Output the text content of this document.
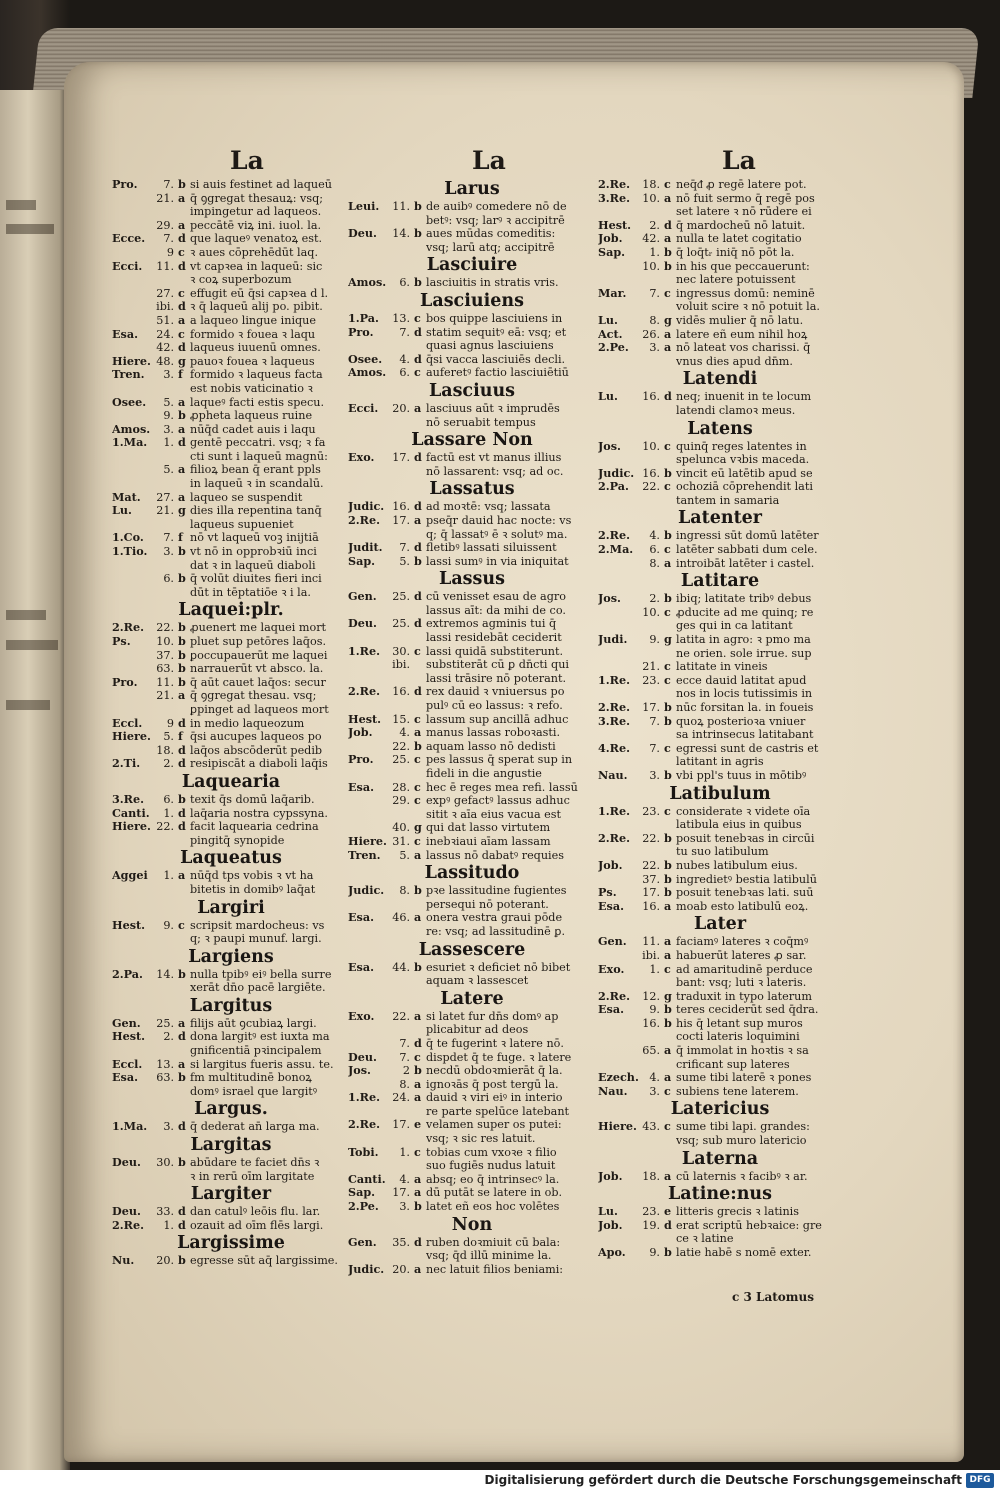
La	La	La
Pro.	7. b si auis festinet ad laqueū
21. a q̄ ꝯgregat thesauꝝ: vsq;
impingetur ad laqueos.
29. a peccātē viꝝ ini. iuol. la.
Ecce.	7. d que laqueꝰ venatoꝝ est.
9 c ꝛ aues cōprehēdūt laq.
Ecci.	11. d vt capꝛea in laqueū: sic
ꝛ coꝝ superbozum
27. c effugit eū q̄si capꝛea d l.
ibi. d ꝛ q̄ laqueū alij po. pibit.
51. a a laqueo lingue inique
Esa.	24. c formido ꝛ fouea ꝛ laqu
42. d laqueus iuuenū omnes.
Hiere. 48. g pauoꝛ fouea ꝛ laqueus
Tren.	3. f formido ꝛ laqueus facta
est nobis vaticinatio ꝛ
Osee.	5. a laqueꝰ facti estis specu.
9. b ꝓpheta laqueus ruine
Amos.	3. a nūq̄d cadet auis i laqu
1.Ma.	1. d gentē peccatri. vsq; ꝛ fa
cti sunt i laqueū magnū:
5. a filioꝝ bean q̄ erant ppls
in laqueū ꝛ in scandalū.
Mat.	27. a laqueo se suspendit
Lu.	21. g dies illa repentina tanq̄
laqueus supueniet
1.Co.	7. f nō vt laqueū voꝫ inijtiā
1.Tio.	3. b vt nō in opprobꝛiū inci
dat ꝛ in laqueū diaboli
6. b q̄ volūt diuites fieri inci
dūt in tēptatiōe ꝛ i la.
Laquei:plr.
2.Re.	22. b ꝓuenert me laquei mort
Ps.	10. b pluet sup petōres laq̄os.
37. b ꝑoccupauerūt me laquei
63. b narrauerūt vt absco. la.
Pro.	11. b q̄ aūt cauet laq̄os: secur
21. a q̄ ꝯgregat thesau. vsq;
ꝑpinget ad laqueos mort
Eccl.	9 d in medio laqueozum
Hiere.	5. f q̄si aucupes laqueos po
18. d laq̄os abscōderūt pedib
2.Ti.	2. d resipiscāt a diaboli laq̄is
Laquearia
3.Re.	6. b texit q̄s domū laq̄arib.
Canti.	1. d laq̄aria nostra cypssyna.
Hiere. 22. d facit laquearia cedrina
pingitq̄ synopide
Laqueatus
Aggei	1. a nūq̄d tps vobis ꝛ vt ha
bitetis in domibꝰ laq̄at
Largiri
Hest.	9. c scripsit mardocheus: vs
q; ꝛ paupi munuf. largi.
Largiens
2.Pa.	14. b nulla tpibꝰ eiꝰ bella surre
xerāt dn̄o pacē largiēte.
Largitus
Gen.	25. a filijs aūt ꝯcubiaꝝ largi.
Hest.	2. d dona largitꝰ est iuxta ma
gnificentiā pꝛincipalem
Eccl.	13. a si largitus fueris assu. te.
Esa.	63. b fm multitudinē bonoꝝ
domꝰ israel que largitꝰ
Largus.
1.Ma.	3. d q̄ dederat an̄ larga ma.
Largitas
Deu.	30. b abūdare te faciet dn̄s ꝛ
ꝛ in rerū oīm largitate
Largiter
Deu.	33. d dan catulꝰ leōis flu. lar.
2.Re.	1. d ozauit ad oīm flēs largi.
Largissime
Nu.	20. b egresse sūt aq̄ largissime.
Larus
Leui.	11. b de auibꝰ comedere nō de
betꝰ: vsq; larꝰ ꝛ accipitrē
Deu.	14. b aues mūdas comeditis:
vsq; larū atq; accipitrē
Lasciuire
Amos.	6. b lasciuitis in stratis vris.
Lasciuiens
1.Pa.	13. c bos quippe lasciuiens in
Pro.	7. d statim sequitꝰ eā: vsq; et
quasi agnus lasciuiens
Osee.	4. d q̄si vacca lasciuiēs decli.
Amos.	6. c auferetꝰ factio lasciuiētiū
Lasciuus
Ecci.	20. a lasciuus aūt ꝛ imprudēs
nō seruabit tempus
Lassare Non
Exo.	17. d factū est vt manus illius
nō lassarent: vsq; ad oc.
Lassatus
Judic. 16. d ad moꝛtē: vsq; lassata
2.Re.	17. a pseq̄r dauid hac nocte: vs
q; q̄ lassatꝰ ē ꝛ solutꝰ ma.
Judit.	7. d fletibꝰ lassati siluissent
Sap.	5. b lassi sumꝰ in via iniquitat
Lassus
Gen.	25. d cū venisset esau de agro
lassus aīt: da mihi de co.
Deu.	25. d extremos agminis tui q̄
lassi residebāt ceciderit
1.Re.	30. c lassi quidā substiterunt.
ibi.	substiterāt cū ꝑ dn̄cti qui
lassi trāsire nō poterant.
2.Re.	16. d rex dauid ꝛ vniuersus po
pulꝰ cū eo lassus: ꝛ refo.
Hest. 15. c lassum sup ancillā adhuc
Job.	4. a manus lassas roboꝛasti.
22. b aquam lasso nō dedisti
Pro.	25. c pes lassus q̄ sperat sup in
fideli in die angustie
Esa.	28. c hec ē reges mea refi. lassū
29. c expꝰ gefactꝰ lassus adhuc
sitit ꝛ aīa eius vacua est
40. g qui dat lasso virtutem
Hiere. 31. c inebꝛiaui aīam lassam
Tren.	5. a lassus nō dabatꝰ requies
Lassitudo
Judic.	8. b pꝛe lassitudine fugientes
persequi nō poterant.
Esa.	46. a onera vestra graui pōde
re: vsq; ad lassitudinē ꝑ.
Lassescere
Esa.	44. b esuriet ꝛ deficiet nō bibet
aquam ꝛ lassescet
Latere
Exo.	22. a si latet fur dn̄s domꝰ ap
plicabitur ad deos
7. d q̄ te fugerint ꝛ latere nō.
Deu.	7. c dispdet q̄ te fuge. ꝛ latere
Jos.	2 b necdū obdoꝛmierāt q̄ la.
8. a ignoꝛās q̄ post tergū la.
1.Re.	24. a dauid ꝛ viri eiꝰ in interio
re parte spelūce latebant
2.Re.	17. e velamen super os putei:
vsq; ꝛ sic res latuit.
Tobi.	1. c tobias cum vxoꝛe ꝛ filio
suo fugiēs nudus latuit
Canti.	4. a absq; eo q̄ intrinsecꝰ la.
Sap.	17. a dū putāt se latere in ob.
2.Pe.	3. b latet eñ eos hoc volētes
Non
Gen.	35. d ruben doꝛmiuit cū bala:
vsq; q̄d illū minime la.
Judic. 20. a nec latuit filios beniami:
2.Re.	18. c neq̄ᵭ ꝓ regē latere pot.
3.Re.	10. a nō fuit sermo q̄ regē pos
set latere ꝛ nō rūdere ei
Hest.	2. d q̄ mardocheū nō latuit.
Job.	42. a nulla te latet cogitatio
Sap.	1. b q̄ loq̄tᵣ iniq̄ nō pōt la.
10. b in his que peccauerunt:
nec latere potuissent
Mar.	7. c ingressus domū: neminē
voluit scire ꝛ nō potuit la.
Lu.	8. g vidēs mulier q̄ nō latu.
Act.	26. a latere eñ eum nihil hoꝝ
2.Pe.	3. a nō lateat vos charissi. q̄
vnus dies apud dn̄m.
Latendi
Lu.	16. d neq; inuenit in te locum
latendi clamoꝛ meus.
Latens
Jos.	10. c quinq̄ reges latentes in
spelunca vꝛbis maceda.
Judic. 16. b vincit eū latētib apud se
2.Pa.	22. c ochoziā cōprehendit lati
tantem in samaria
Latenter
2.Re.	4. b ingressi sūt domū latēter
2.Ma.	6. c latēter sabbati dum cele.
8. a introibāt latēter i castel.
Latitare
Jos.	2. b ibiq; latitate tribꝰ debus
10. c ꝓducite ad me quinq; re
ges qui in ca latitant
Judi.	9. g latita in agro: ꝛ pmo ma
ne orien. sole irrue. sup
21. c latitate in vineis
1.Re.	23. c ecce dauid latitat apud
nos in locis tutissimis in
2.Re.	17. b nūc forsitan la. in foueis
3.Re.	7. b quoꝝ posterioꝛa vniuer
sa intrinsecus latitabant
4.Re.	7. c egressi sunt de castris et
latitant in agris
Nau.	3. b vbi ppl's tuus in mōtibꝰ
Latibulum
1.Re.	23. c considerate ꝛ videte oīa
latibula eius in quibus
2.Re.	22. b posuit tenebꝛas in circūi
tu suo latibulum
Job.	22. b nubes latibulum eius.
37. b ingredietꝰ bestia latibulū
Ps.	17. b posuit tenebꝛas lati. suū
Esa.	16. a moab esto latibulū eoꝝ.
Later
Gen.	11. a faciamꝰ lateres ꝛ coq̄mꝰ
ibi. a habuerūt lateres ꝓ sar.
Exo.	1. c ad amaritudinē perduce
bant: vsq; luti ꝛ lateris.
2.Re.	12. g traduxit in typo laterum
Esa.	9. b teres ceciderūt sed q̄dra.
16. b his q̄ letant sup muros
cocti lateris loquimini
65. a q̄ immolat in hoꝛtis ꝛ sa
crificant sup lateres
Ezech. 4. a sume tibi laterē ꝛ pones
Nau.	3. c subiens tene laterem.
Latericius
Hiere. 43. c sume tibi lapi. grandes:
vsq; sub muro latericio
Laterna
Job.	18. a cū laternis ꝛ facibꝰ ꝛ ar.
Latine:nus
Lu.	23. e litteris grecis ꝛ latinis
Job.	19. d erat scriptū hebꝛaice: gre
ce ꝛ latine
Apo.	9. b latie habē s nomē exter.
c 3 Latomus
Digitalisierung gefördert durch die Deutsche Forschungsgemeinschaft DFG
